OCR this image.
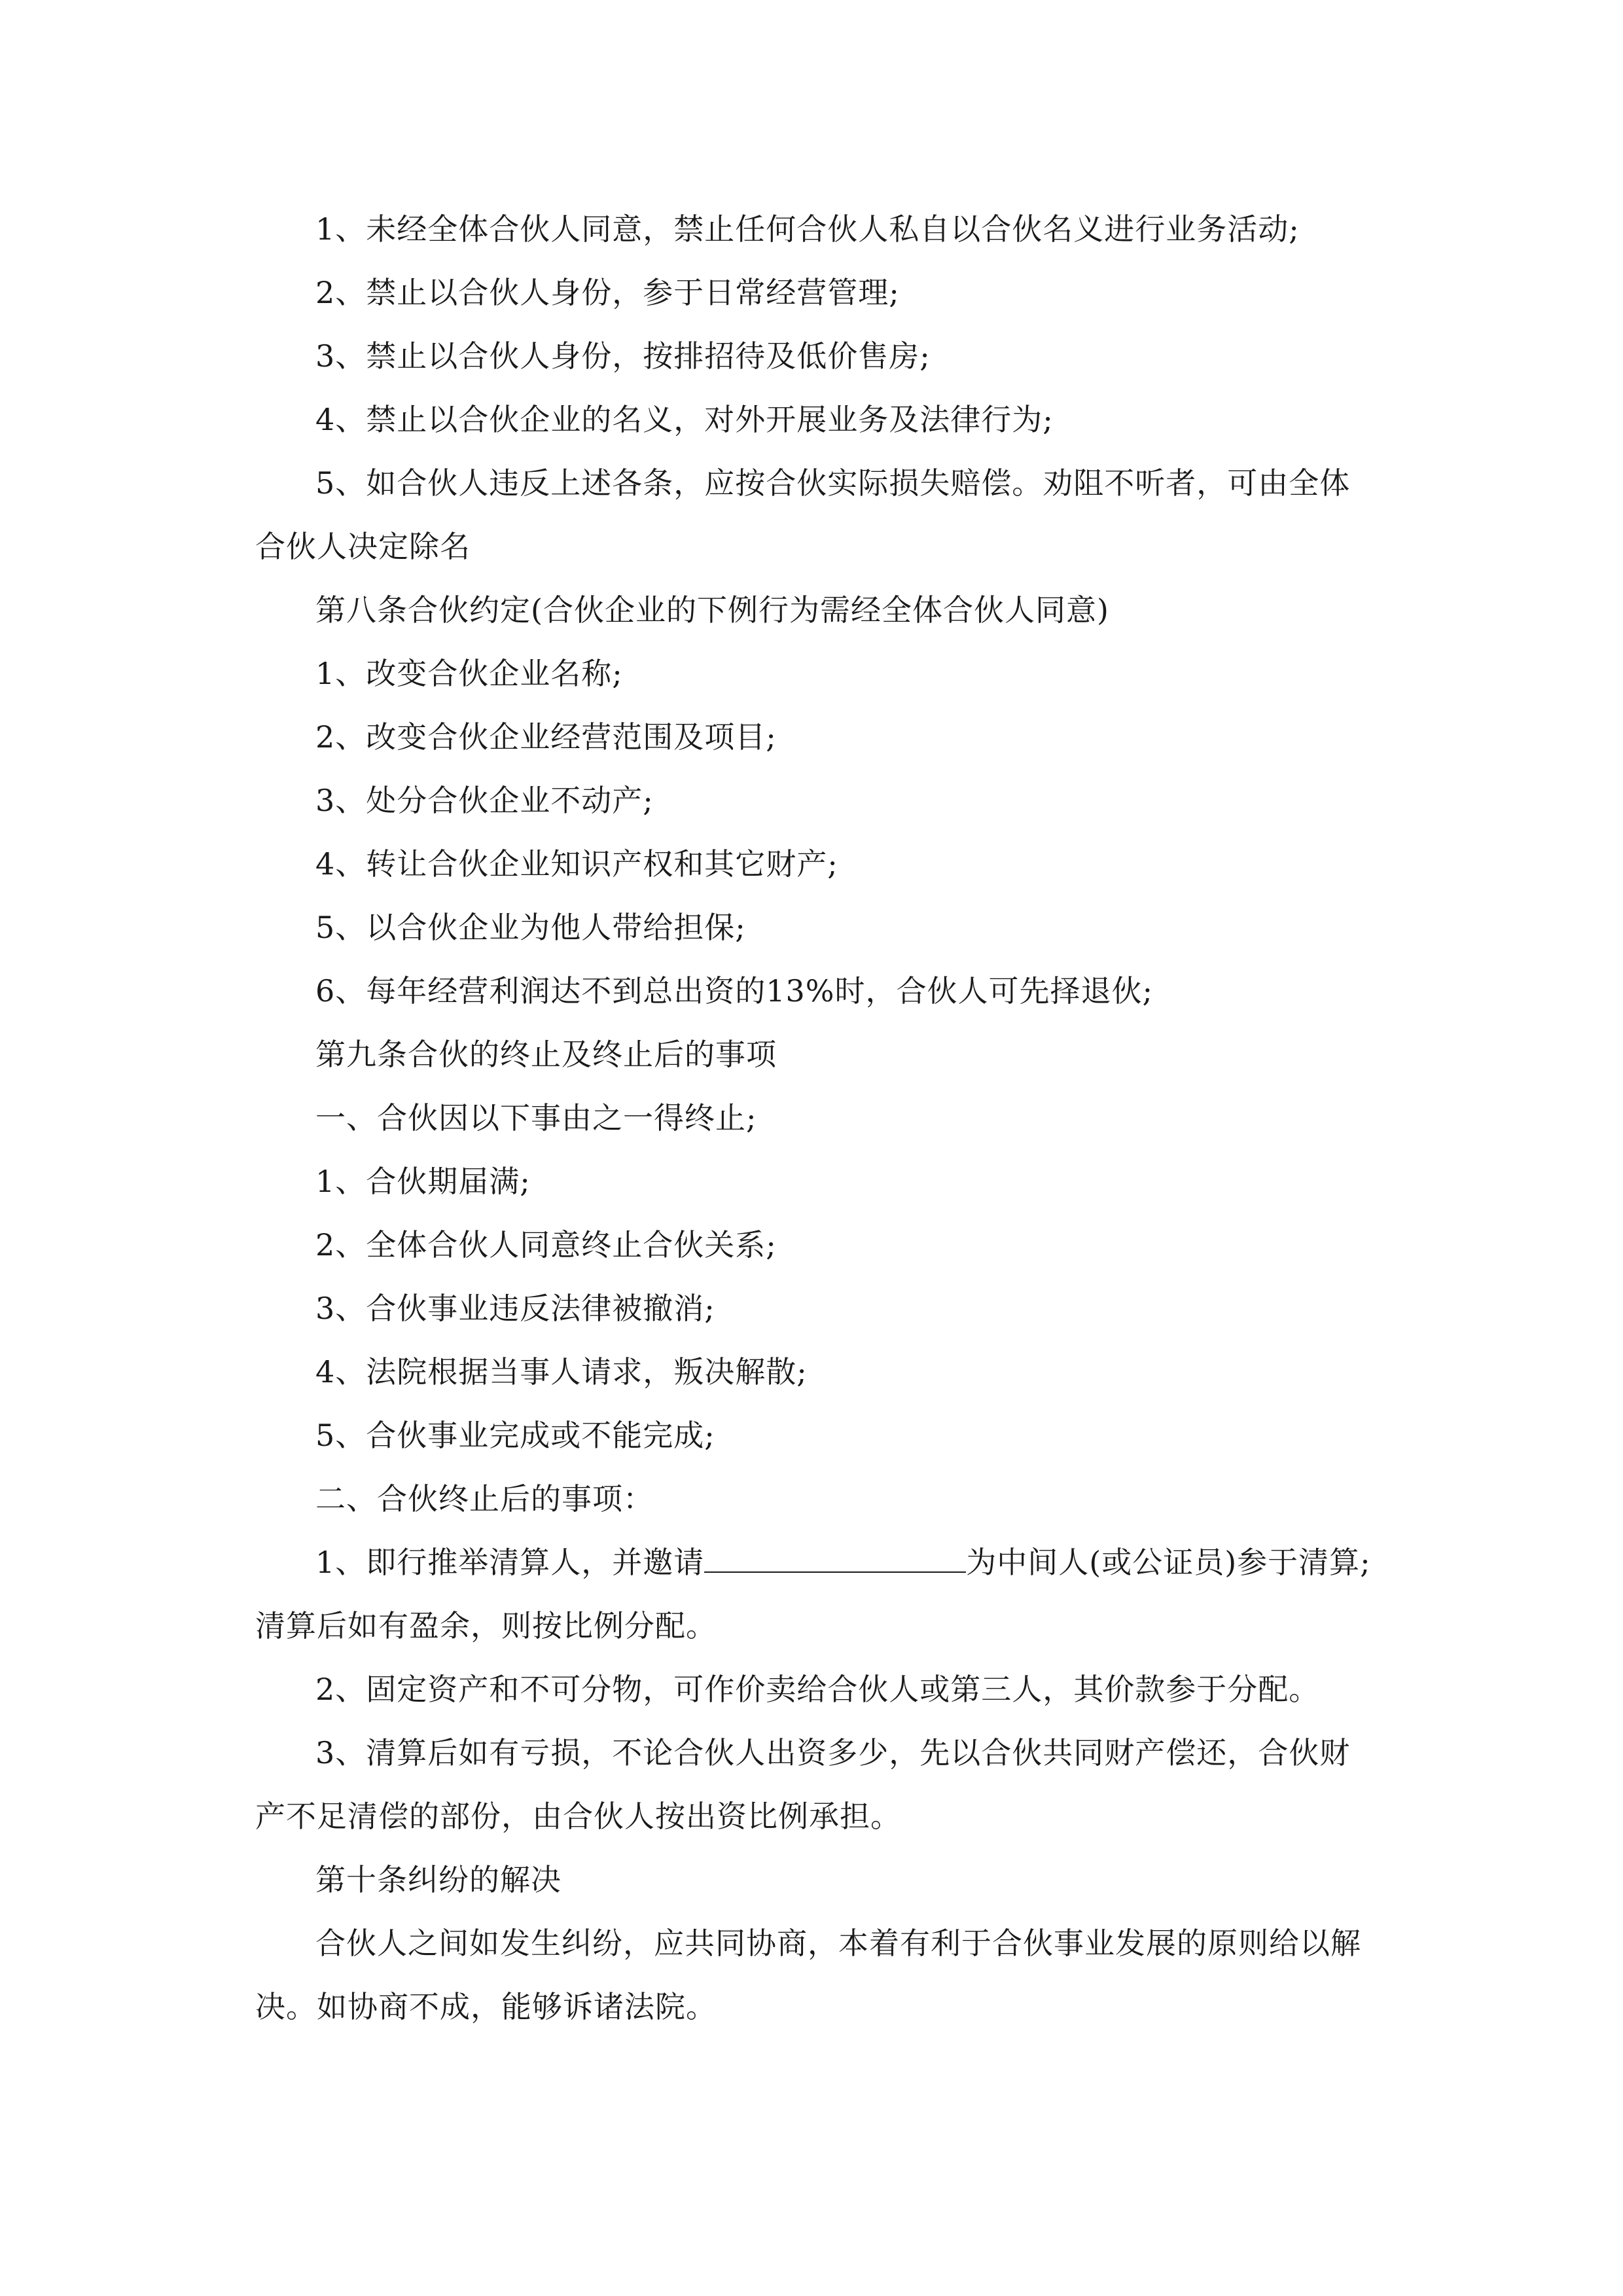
1、未经全体合伙人同意，禁止任何合伙人私自以合伙名义进行业务活动;

2、禁止以合伙人身份，参于日常经营管理;

3、禁止以合伙人身份，按排招待及低价售房;

4、禁止以合伙企业的名义，对外开展业务及法律行为;

5、如合伙人违反上述各条，应按合伙实际损失赔偿。劝阻不听者，可由全体合伙人决定除名

第八条合伙约定(合伙企业的下例行为需经全体合伙人同意)

1、改变合伙企业名称;

2、改变合伙企业经营范围及项目;

3、处分合伙企业不动产;

4、转让合伙企业知识产权和其它财产;

5、以合伙企业为他人带给担保;

6、每年经营利润达不到总出资的13%时，合伙人可先择退伙;

第九条合伙的终止及终止后的事项

一、合伙因以下事由之一得终止;

1、合伙期届满;

2、全体合伙人同意终止合伙关系;

3、合伙事业违反法律被撤消;

4、法院根据当事人请求，叛决解散;

5、合伙事业完成或不能完成;

二、合伙终止后的事项：

1、即行推举清算人，并邀请	为中间人(或公证员)参于清算;清算后如有盈余，则按比例分配。

2、固定资产和不可分物，可作价卖给合伙人或第三人，其价款参于分配。

3、清算后如有亏损，不论合伙人出资多少，先以合伙共同财产偿还，合伙财产不足清偿的部份，由合伙人按出资比例承担。

第十条纠纷的解决

合伙人之间如发生纠纷，应共同协商，本着有利于合伙事业发展的原则给以解决。如协商不成，能够诉诸法院。
